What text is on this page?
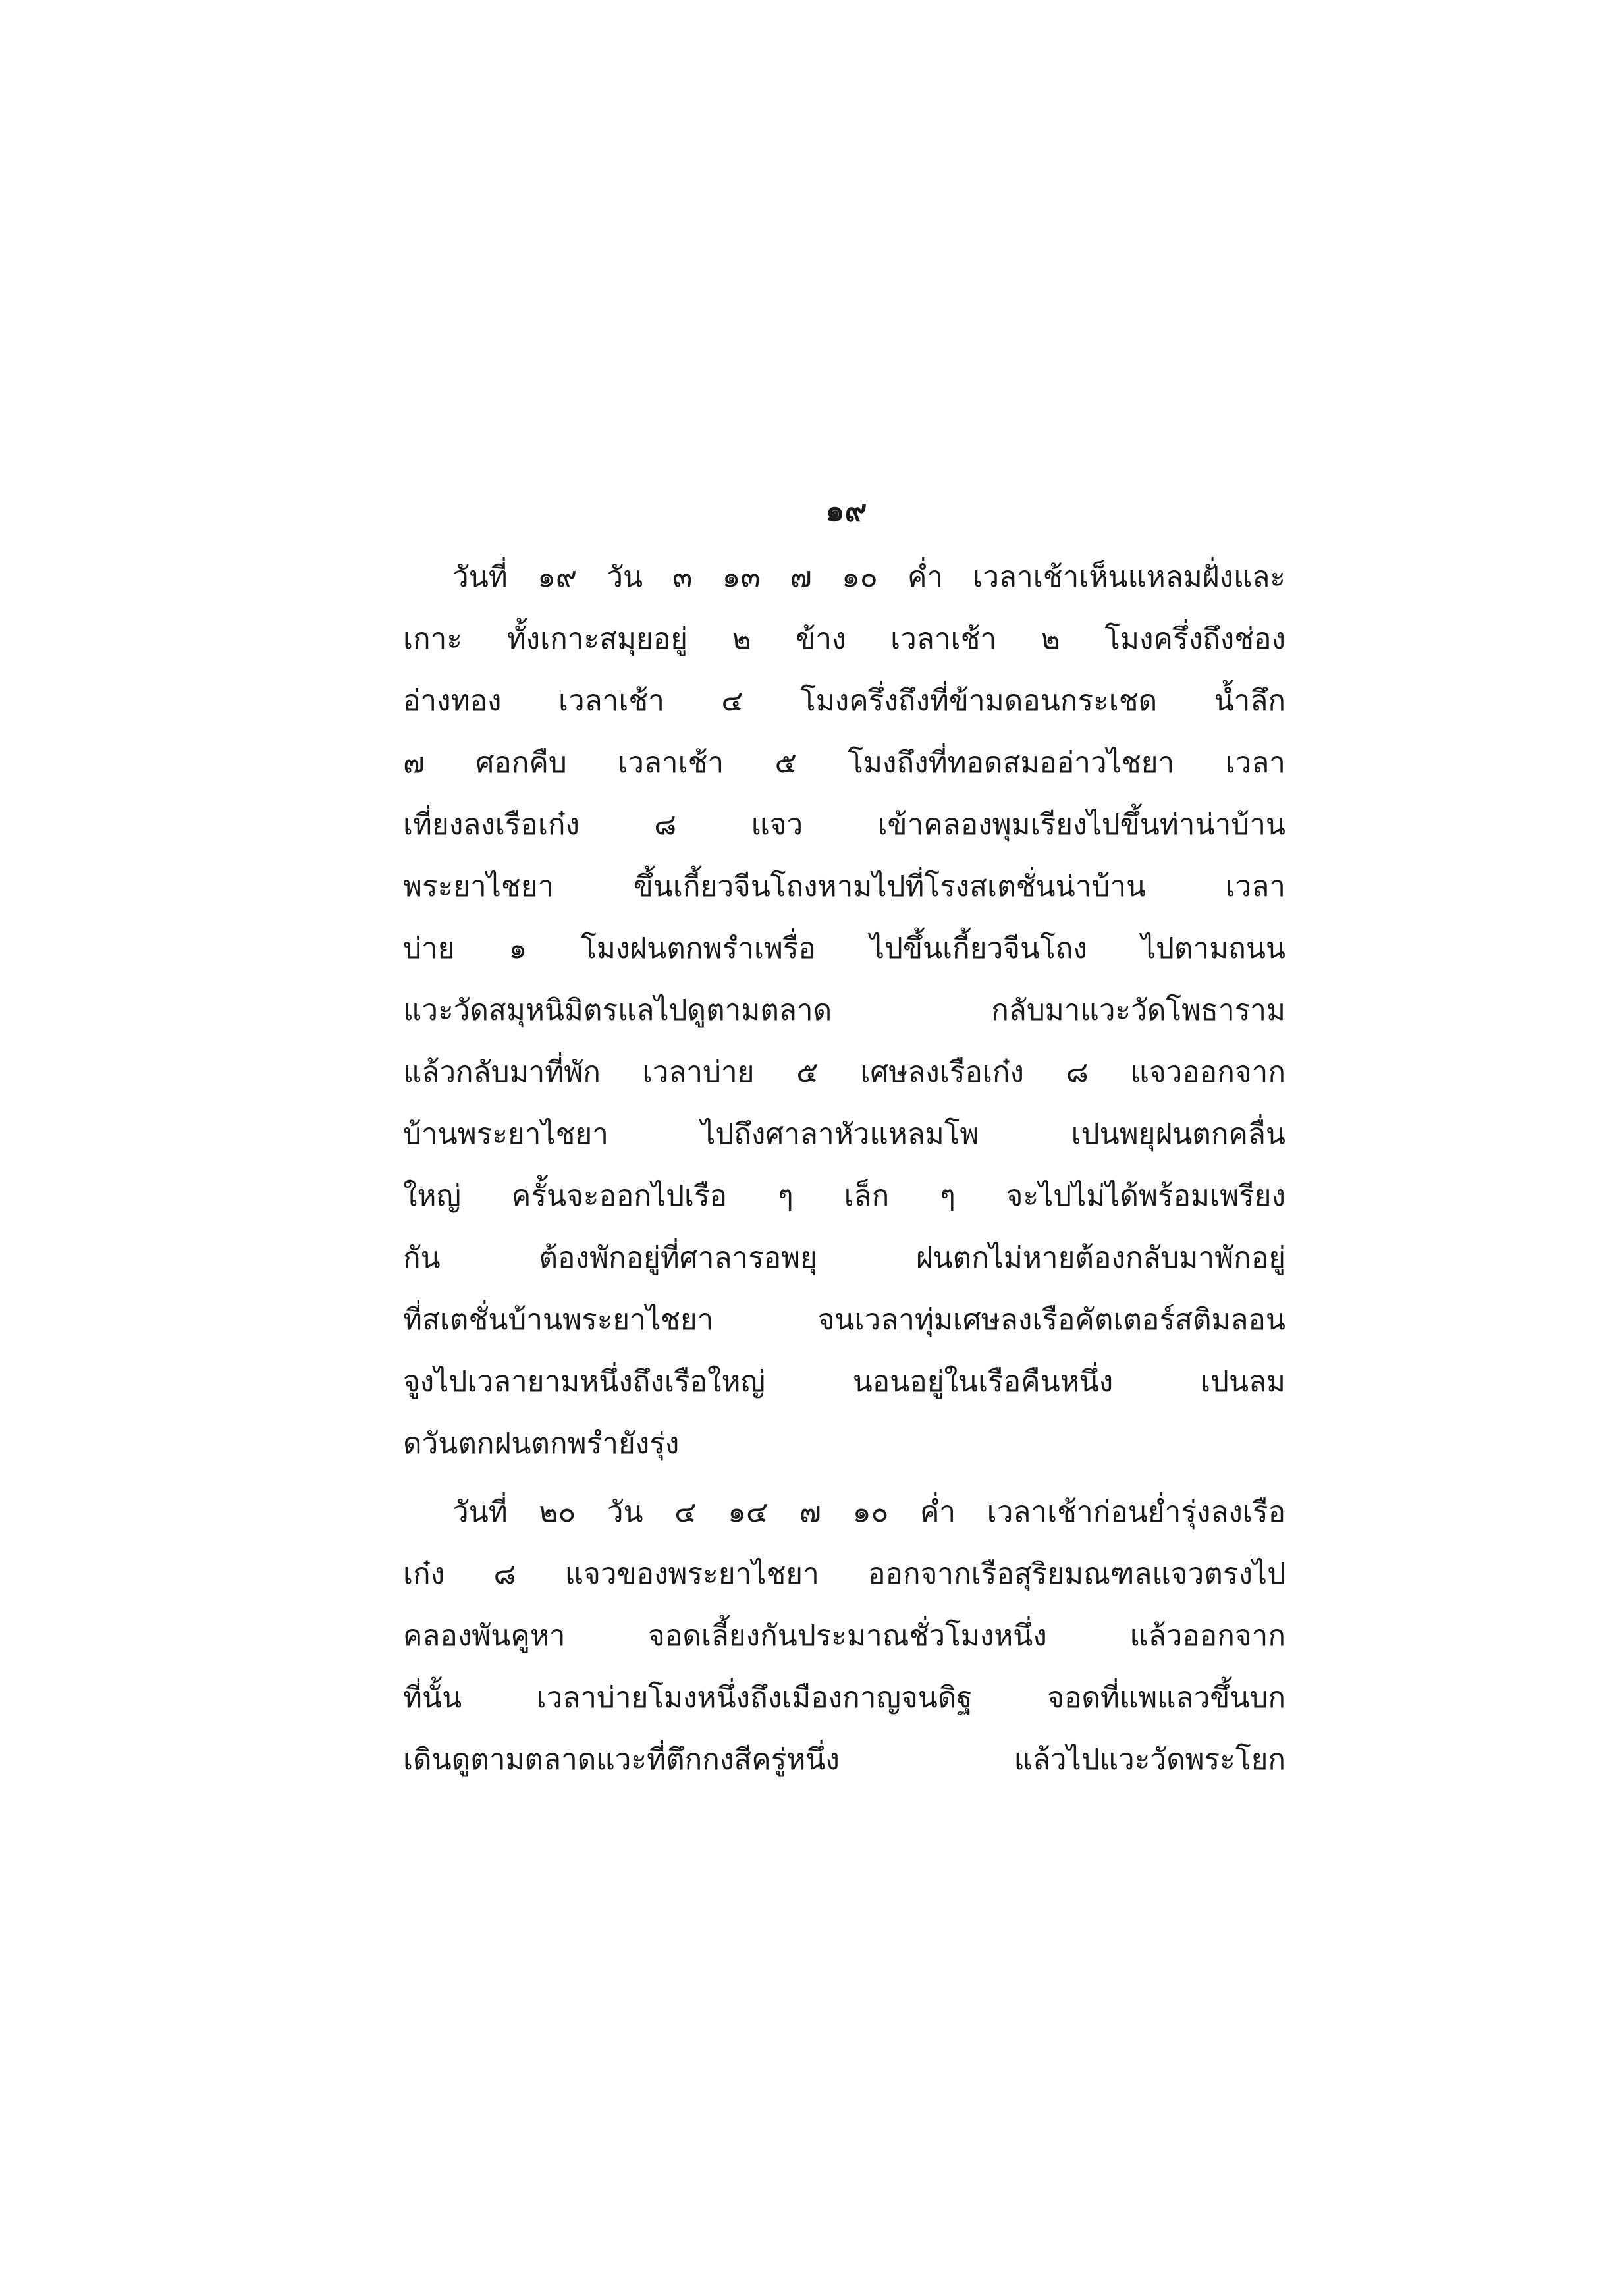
๑๙
วันที่ ๑๙ วัน ๓ ๑๓ ๗ ๑๐ ค่ำ เวลาเช้าเห็นแหลมฝั่งและ
เกาะ ทั้งเกาะสมุยอยู่ ๒ ข้าง เวลาเช้า ๒ โมงครึ่งถึงช่อง
อ่างทอง เวลาเช้า ๔ โมงครึ่งถึงที่ข้ามดอนกระเชด น้ำลึก
๗ ศอกคืบ เวลาเช้า ๕ โมงถึงที่ทอดสมออ่าวไชยา เวลา
เที่ยงลงเรือเก๋ง ๘ แจว เข้าคลองพุมเรียงไปขึ้นท่าน่าบ้าน
พระยาไชยา ขึ้นเกี้ยวจีนโถงหามไปที่โรงสเตชั่นน่าบ้าน เวลา
บ่าย ๑ โมงฝนตกพรำเพรื่อ ไปขึ้นเกี้ยวจีนโถง ไปตามถนน
แวะวัดสมุหนิมิตรแลไปดูตามตลาด กลับมาแวะวัดโพธาราม
แล้วกลับมาที่พัก เวลาบ่าย ๕ เศษลงเรือเก๋ง ๘ แจวออกจาก
บ้านพระยาไชยา ไปถึงศาลาหัวแหลมโพ เปนพยุฝนตกคลื่น
ใหญ่ ครั้นจะออกไปเรือ ๆ เล็ก ๆ จะไปไม่ได้พร้อมเพรียง
กัน ต้องพักอยู่ที่ศาลารอพยุ ฝนตกไม่หายต้องกลับมาพักอยู่
ที่สเตชั่นบ้านพระยาไชยา จนเวลาทุ่มเศษลงเรือคัตเตอร์สติมลอน
จูงไปเวลายามหนึ่งถึงเรือใหญ่ นอนอยู่ในเรือคืนหนึ่ง เปนลม
ดวันตกฝนตกพรำยังรุ่ง
วันที่ ๒๐ วัน ๔ ๑๔ ๗ ๑๐ ค่ำ เวลาเช้าก่อนย่ำรุ่งลงเรือ
เก๋ง ๘ แจวของพระยาไชยา ออกจากเรือสุริยมณฑลแจวตรงไป
คลองพันคูหา จอดเลี้ยงกันประมาณชั่วโมงหนึ่ง แล้วออกจาก
ที่นั้น เวลาบ่ายโมงหนึ่งถึงเมืองกาญจนดิฐ จอดที่แพแลวขึ้นบก
เดินดูตามตลาดแวะที่ตึกกงสีครู่หนึ่ง แล้วไปแวะวัดพระโยก
